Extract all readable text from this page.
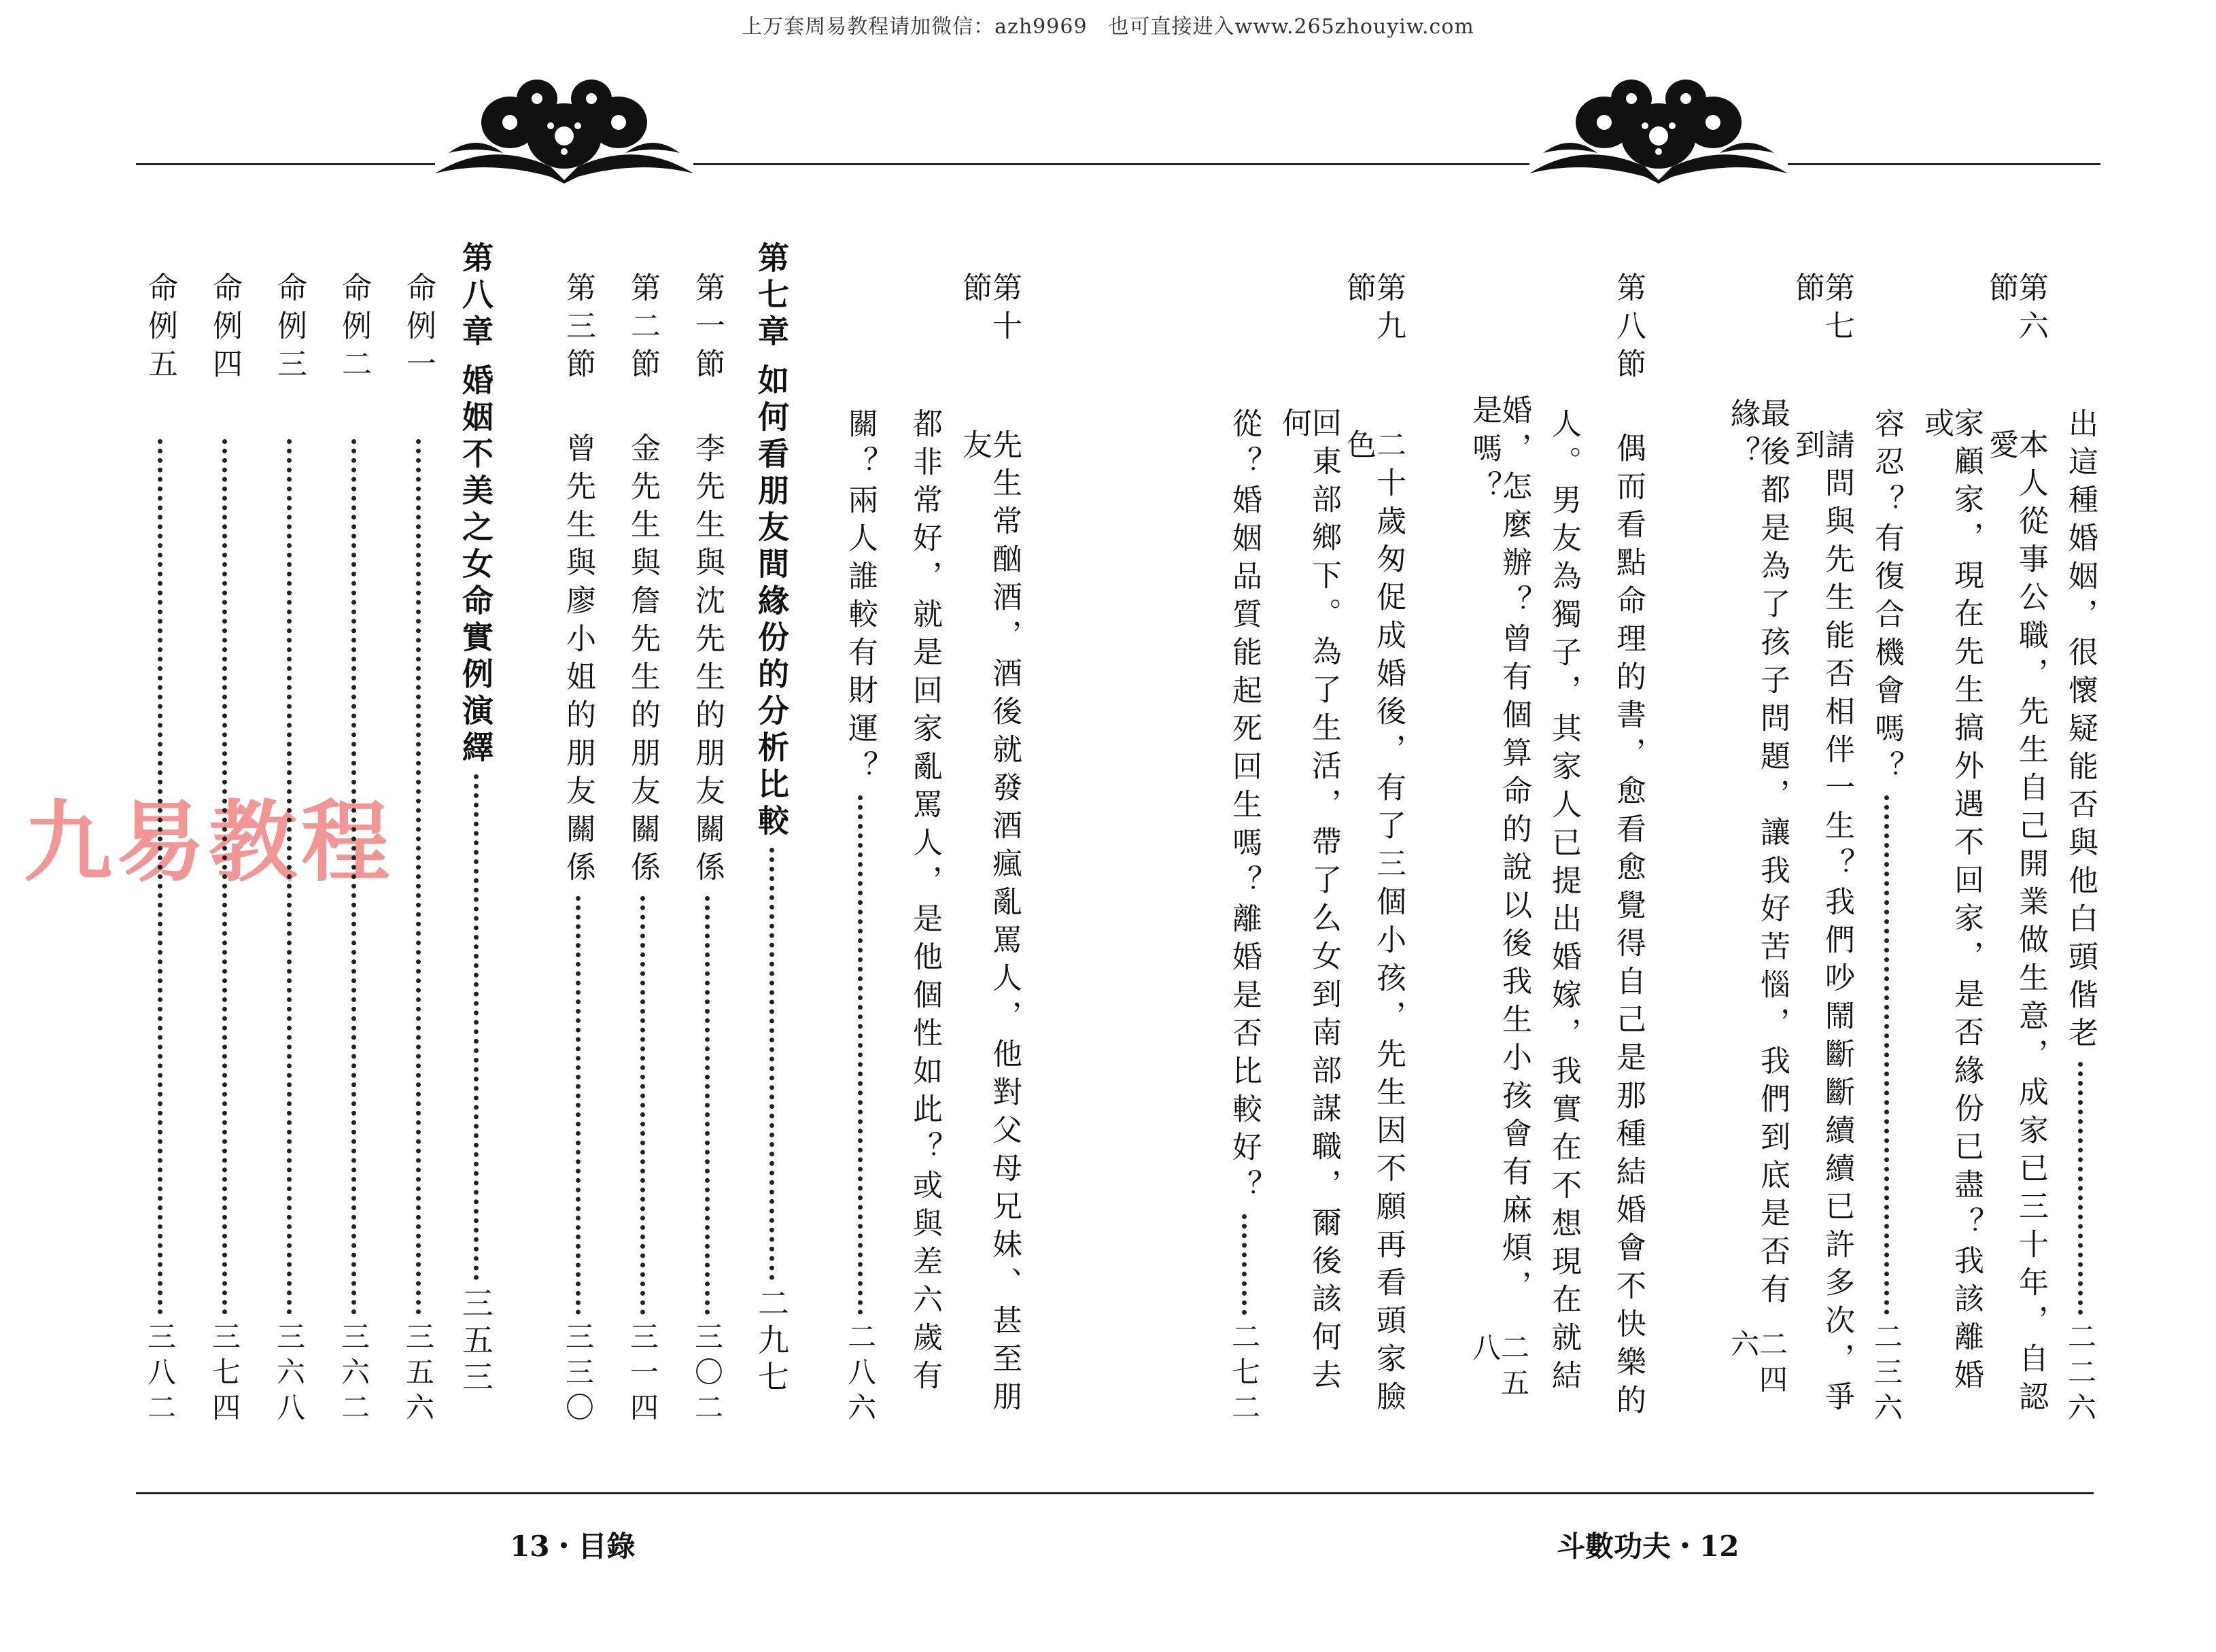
上万套周易教程请加微信：azh9969　也可直接进入www.265zhouyiw.com
九易教程
13・目錄	斗數功夫・12
出這種婚姻，很懷疑能否與他白頭偕老
二二六
第六節
本人從事公職，先生自己開業做生意，成家已三十年，自認愛
家顧家，現在先生搞外遇不回家，是否緣份已盡？我該離婚或
容忍？有復合機會嗎？
二三六
第七節
請問與先生能否相伴一生？我們吵鬧斷斷續續已許多次，爭到
最後都是為了孩子問題，讓我好苦惱，我們到底是否有緣？
二四六
第八節
偶而看點命理的書，愈看愈覺得自己是那種結婚會不快樂的
人。男友為獨子，其家人已提出婚嫁，我實在不想現在就結
婚，怎麼辦？曾有個算命的說以後我生小孩會有麻煩，是嗎？
二五八
第九節
二十歲匆促成婚後，有了三個小孩，先生因不願再看頭家臉色
回東部鄉下。為了生活，帶了么女到南部謀職，爾後該何去何
從？婚姻品質能起死回生嗎？離婚是否比較好？
二七二
第十節
先生常酗酒，酒後就發酒瘋亂罵人，他對父母兄妹、甚至朋友
都非常好，就是回家亂罵人，是他個性如此？或與差六歲有
關？兩人誰較有財運？
二八六
第七章
如何看朋友間緣份的分析比較
二九七
第一節
李先生與沈先生的朋友關係
三〇二
第二節
金先生與詹先生的朋友關係
三一四
第三節
曾先生與廖小姐的朋友關係
三三〇
第八章
婚姻不美之女命實例演繹
三五三
命例一
三五六
命例二
三六二
命例三
三六八
命例四
三七四
命例五
三八二
